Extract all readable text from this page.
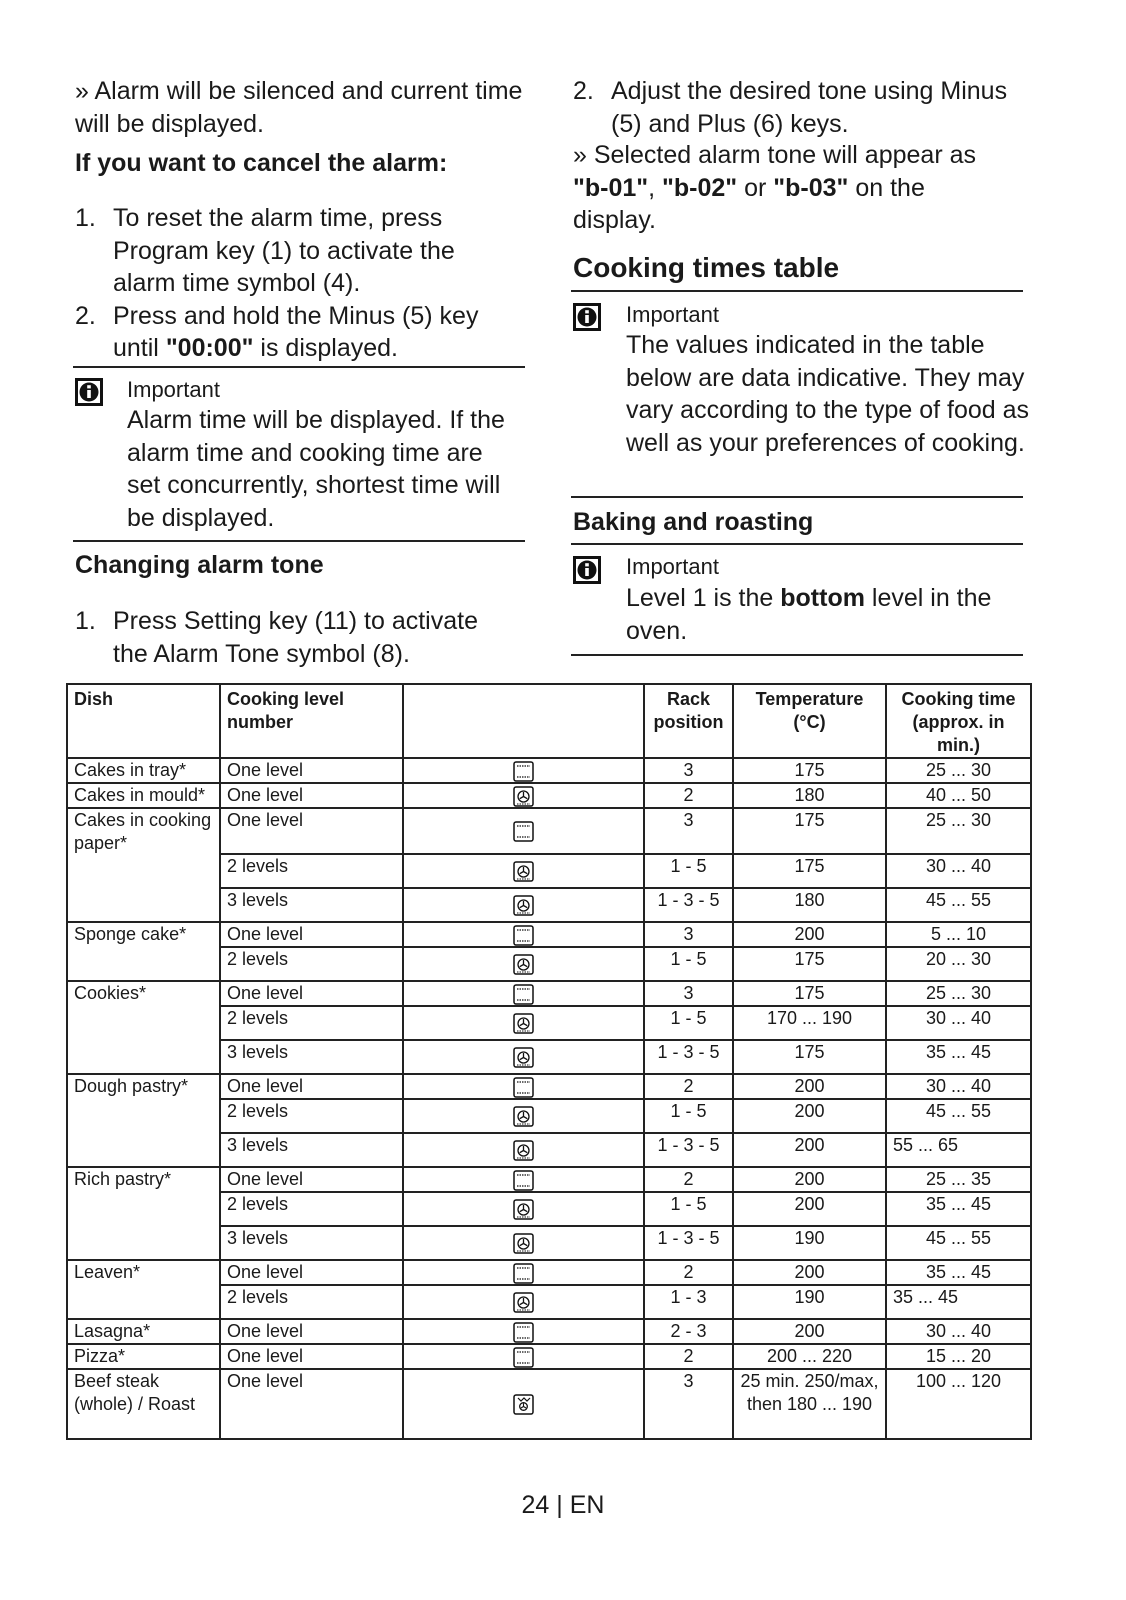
» Alarm will be silenced and current time will be displayed.
If you want to cancel the alarm:
1. To reset the alarm time, press Program key (1) to activate the alarm time symbol (4).
2. Press and hold the Minus (5) key until "00:00" is displayed.
Important
Alarm time will be displayed. If the alarm time and cooking time are set concurrently, shortest time will be displayed.
Changing alarm tone
1. Press Setting key (11) to activate the Alarm Tone symbol (8).
2. Adjust the desired tone using Minus (5) and Plus (6) keys.
» Selected alarm tone will appear as "b-01", "b-02" or "b-03" on the display.
Cooking times table
Important
The values indicated in the table below are data indicative. They may vary according to the type of food as well as your preferences of cooking.
Baking and roasting
Important
Level 1 is the bottom level in the oven.
Dish	Cooking level number		Rack position	Temperature (°C)	Cooking time (approx. in min.)
Cakes in tray*	One level		3	175	25 ... 30
Cakes in mould*	One level		2	180	40 ... 50
Cakes in cooking paper*	One level		3	175	25 ... 30
	2 levels		1 - 5	175	30 ... 40
	3 levels		1 - 3 - 5	180	45 ... 55
Sponge cake*	One level		3	200	5 ... 10
	2 levels		1 - 5	175	20 ... 30
Cookies*	One level		3	175	25 ... 30
	2 levels		1 - 5	170 ... 190	30 ... 40
	3 levels		1 - 3 - 5	175	35 ... 45
Dough pastry*	One level		2	200	30 ... 40
	2 levels		1 - 5	200	45 ... 55
	3 levels		1 - 3 - 5	200	55 ... 65
Rich pastry*	One level		2	200	25 ... 35
	2 levels		1 - 5	200	35 ... 45
	3 levels		1 - 3 - 5	190	45 ... 55
Leaven*	One level		2	200	35 ... 45
	2 levels		1 - 3	190	35 ... 45
Lasagna*	One level		2 - 3	200	30 ... 40
Pizza*	One level		2	200 ... 220	15 ... 20
Beef steak (whole) / Roast	One level		3	25 min. 250/max, then 180 ... 190	100 ... 120
24 | EN
